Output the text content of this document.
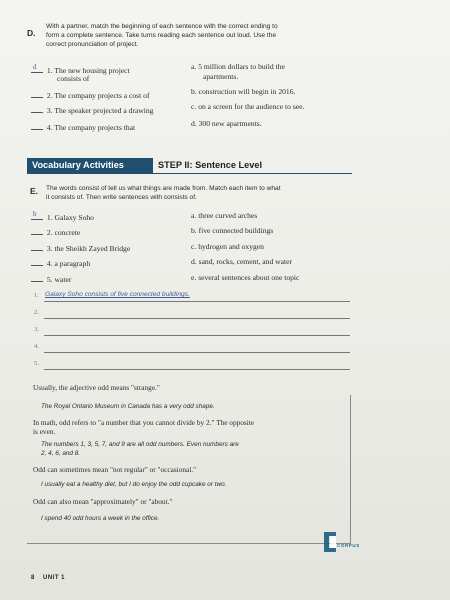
D.
With a partner, match the beginning of each sentence with the correct ending to
form a complete sentence. Take turns reading each sentence out loud. Use the
correct pronunciation of project.
d 1. The new housing project
consists of
2. The company projects a cost of
3. The speaker projected a drawing
4. The company projects that
a. 5 million dollars to build the
apartments.
b. construction will begin in 2016.
c. on a screen for the audience to see.
d. 300 new apartments.
Vocabulary Activities	STEP II: Sentence Level
E. The words consist of tell us what things are made from. Match each item to what
it consists of. Then write sentences with consists of.
b 1. Galaxy Soho
2. concrete
3. the Sheikh Zayed Bridge
4. a paragraph
5. water
a. three curved arches
b. five connected buildings
c. hydrogen and oxygen
d. sand, rocks, cement, and water
e. several sentences about one topic
1. Galaxy Soho consists of five connected buildings.
2.
3.
4.
5.
Usually, the adjective odd means "strange."
The Royal Ontario Museum in Canada has a very odd shape.
In math, odd refers to "a number that you cannot divide by 2." The opposite
is even.
The numbers 1, 3, 5, 7, and 9 are all odd numbers. Even numbers are
2, 4, 6, and 8.
Odd can sometimes mean "not regular" or "occasional."
I usually eat a healthy diet, but I do enjoy the odd cupcake or two.
Odd can also mean "approximately" or "about."
I spend 40 odd hours a week in the office.
CORPUS
8 UNIT 1
